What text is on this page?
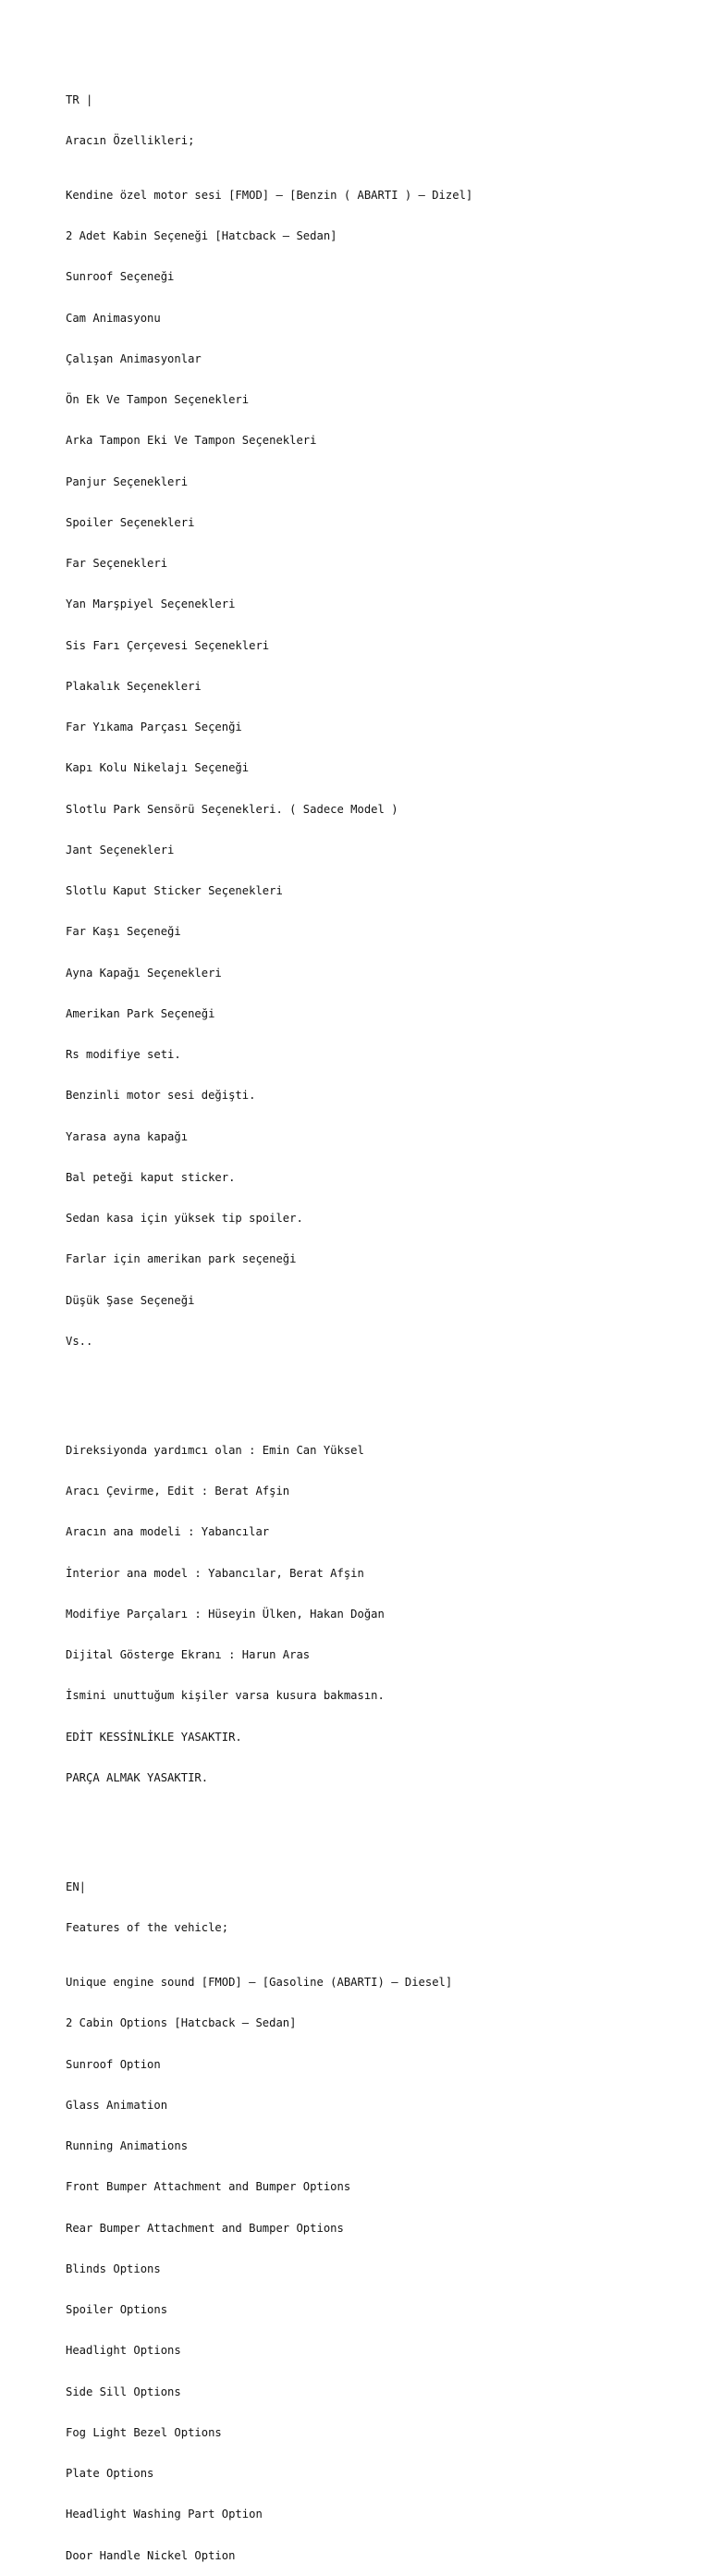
TR |

Aracın Özellikleri;

Kendine özel motor sesi [FMOD] – [Benzin ( ABARTI ) – Dizel]

2 Adet Kabin Seçeneği [Hatcback – Sedan]

Sunroof Seçeneği

Cam Animasyonu

Çalışan Animasyonlar

Ön Ek Ve Tampon Seçenekleri

Arka Tampon Eki Ve Tampon Seçenekleri

Panjur Seçenekleri

Spoiler Seçenekleri

Far Seçenekleri

Yan Marşpiyel Seçenekleri

Sis Farı Çerçevesi Seçenekleri

Plakalık Seçenekleri

Far Yıkama Parçası Seçenği

Kapı Kolu Nikelajı Seçeneği

Slotlu Park Sensörü Seçenekleri. ( Sadece Model )

Jant Seçenekleri

Slotlu Kaput Sticker Seçenekleri

Far Kaşı Seçeneği

Ayna Kapağı Seçenekleri

Amerikan Park Seçeneği

Rs modifiye seti.

Benzinli motor sesi değişti.

Yarasa ayna kapağı

Bal peteği kaput sticker.

Sedan kasa için yüksek tip spoiler.

Farlar için amerikan park seçeneği

Düşük Şase Seçeneği

Vs..

Direksiyonda yardımcı olan : Emin Can Yüksel

Aracı Çevirme, Edit : Berat Afşin

Aracın ana modeli : Yabancılar

İnterior ana model : Yabancılar, Berat Afşin

Modifiye Parçaları : Hüseyin Ülken, Hakan Doğan

Dijital Gösterge Ekranı : Harun Aras

İsmini unuttuğum kişiler varsa kusura bakmasın.

EDİT KESSİNLİKLE YASAKTIR.

PARÇA ALMAK YASAKTIR.

EN|

Features of the vehicle;

Unique engine sound [FMOD] – [Gasoline (ABARTI) – Diesel]

2 Cabin Options [Hatcback – Sedan]

Sunroof Option

Glass Animation

Running Animations

Front Bumper Attachment and Bumper Options

Rear Bumper Attachment and Bumper Options

Blinds Options

Spoiler Options

Headlight Options

Side Sill Options

Fog Light Bezel Options

Plate Options

Headlight Washing Part Option

Door Handle Nickel Option
